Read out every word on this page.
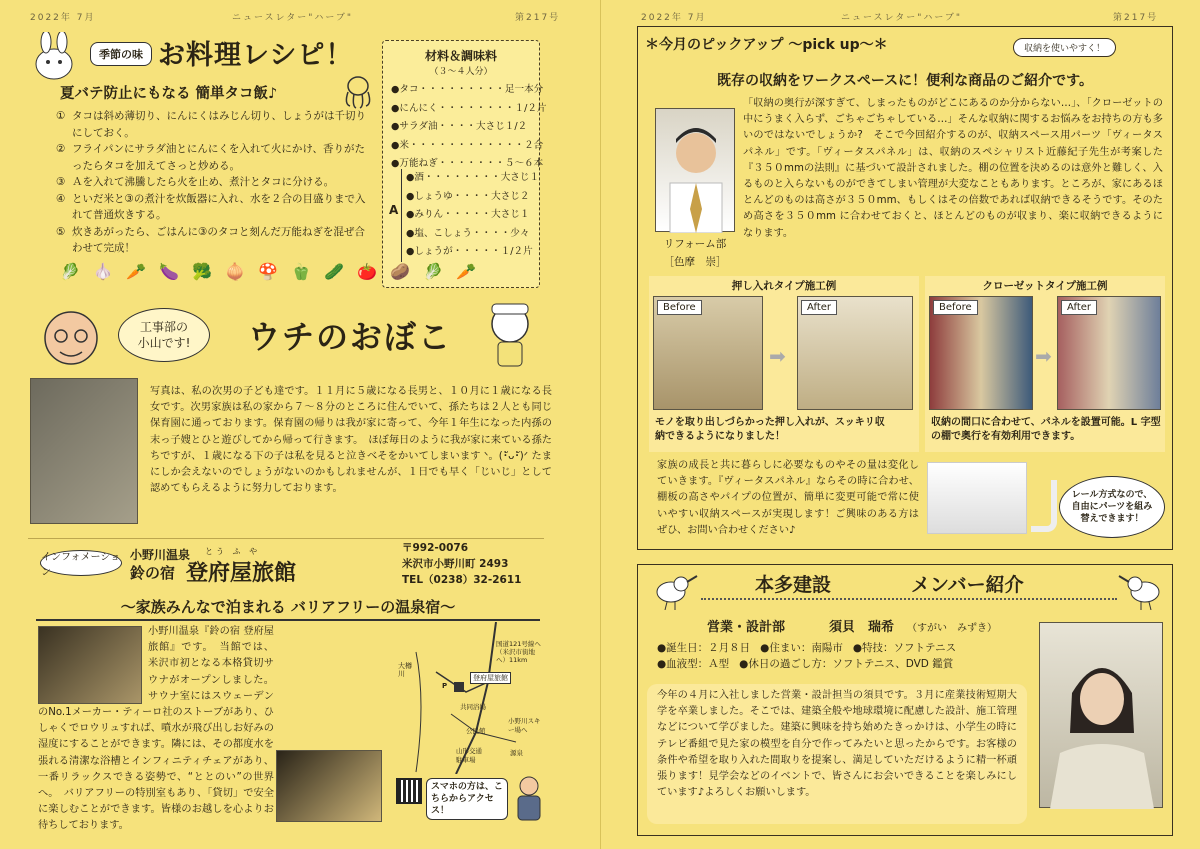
2022年 7月	ニュースレター"ハーブ"	第217号
季節の味 お料理レシピ！
夏バテ防止にもなる 簡単タコ飯♪
① タコは斜め薄切り、にんにくはみじん切り、しょうがは千切りにしておく。
② フライパンにサラダ油とにんにくを入れて火にかけ、香りがたったらタコを加えてさっと炒める。
③ Ａを入れて沸騰したら火を止め、煮汁とタコに分ける。
④ といだ米と③の煮汁を炊飯器に入れ、水を２合の目盛りまで入れて普通炊きする。
⑤ 炊きあがったら、ごはんに③のタコと刻んだ万能ねぎを混ぜ合わせて完成！
材料＆調味料
（３～４人分）
●タコ・・・・・・・・・足一本分
●にんにく・・・・・・・・１/２片
●サラダ油・・・・大さじ１/２
●米・・・・・・・・・・・・２合
●万能ねぎ・・・・・・・５～６本
A
●酒・・・・・・・・大さじ１
●しょうゆ・・・・大さじ２
●みりん・・・・・大さじ１
●塩、こしょう・・・・少々
●しょうが・・・・・１/２片
🥬 🧄 🥕 🍆 🥦 🧅 🍄 🫑 🥒 🍅 🥔 🥬 🥕
工事部の
小山です!	ウチのおぼこ
写真は、私の次男の子ども達です。１１月に５歳になる長男と、１０月に１歳になる長女です。次男家族は私の家から７～８分のところに住んでいて、孫たちは２人とも同じ保育園に通っております。保育園の帰りは我が家に寄って、今年１年生になった内孫の末っ子嫂とひと遊びしてから帰って行きます。　ほぼ毎日のように我が家に来ている孫たちですが、１歳になる下の子は私を見ると泣きべそをかいてしまいます ᐠ。(･ัᴗ･ั)ᐟ たまにしか会えないのでしょうがないのかもしれませんが、１日でも早く「じいじ」として認めてもらえるように努力しております。
インフォメーション
小野川温泉 とう ふ や
鈴の宿 登府屋旅館
〒992-0076
米沢市小野川町 2493
TEL（0238）32-2611
～家族みんなで泊まれる バリアフリーの温泉宿～
小野川温泉『鈴の宿 登府屋旅館』です。　当館では、米沢市初となる本格貸切サウナがオープンしました。サウナ室にはスウェーデンのNo.1メーカー・ティーロ社のストーブがあり、ひしゃくでロウリュすれば、噴水が飛び出しお好みの湿度にすることができます。隣には、その都度水を張れる清潔な浴槽とインフィニティチェアがあり、一番リラックスできる姿勢で、“ととのい”の世界へ。　バリアフリーの特別室もあり、「貸切」で安全に楽しむことができます。皆様のお越しを心よりお待ちしております。
国道121号線へ（米沢市街地へ）11km
大樽川	登府屋旅館
P
共同浴場
公民館
山形交通駐車場
小野川スキー場へ
源泉
スマホの方は、こちらからアクセス！
2022年 7月	ニュースレター"ハーブ"	第217号
＊今月のピックアップ ～pick up～＊	収納を使いやすく！
既存の収納をワークスペースに！便利な商品のご紹介です。
リフォーム部
［色摩　崇］
「収納の奥行が深すぎて、しまったものがどこにあるのか分からない…」、「クローゼットの中にうまく入らず、ごちゃごちゃしている…」そんな収納に関するお悩みをお持ちの方も多いのではないでしょうか?　そこで今回紹介するのが、収納スペース用パーツ「ヴィータスパネル」です。「ヴィータスパネル」は、収納のスペシャリスト近藤紀子先生が考案した『３５０mmの法則』に基づいて設計されました。棚の位置を決めるのは意外と難しく、入るものと入らないものができてしまい管理が大変なこともあります。ところが、家にあるほとんどのものは高さが３５０mm、もしくはその倍数であれば収納できるそうです。そのため高さを３５０mm に合わせておくと、ほとんどのものが収まり、楽に収納できるようになります。
押し入れタイプ施工例
Before
➡
After
モノを取り出しづらかった押し入れが、スッキリ収納できるようになりました！
クローゼットタイプ施工例
Before
➡
After
収納の間口に合わせて、パネルを設置可能。L 字型の棚で奥行を有効利用できます。
家族の成長と共に暮らしに必要なものやその量は変化していきます。『ヴィータスパネル』ならその時に合わせ、棚板の高さやパイプの位置が、簡単に変更可能で常に使いやすい収納スペースが実現します！ご興味のある方はぜひ、お問い合わせください♪
レール方式なので、自由にパーツを組み替えできます！
本多建設	メンバー紹介
営業・設計部	須貝　瑞希 （すがい　みずき）
●誕生日：２月８日 ●住まい：南陽市 ●特技：ソフトテニス
●血液型：Ａ型 ●休日の過ごし方：ソフトテニス、DVD 鑑賞
今年の４月に入社しました営業・設計担当の須貝です。３月に産業技術短期大学を卒業しました。そこでは、建築全般や地球環境に配慮した設計、施工管理などについて学びました。建築に興味を持ち始めたきっかけは、小学生の時にテレビ番組で見た家の模型を自分で作ってみたいと思ったからです。お客様の条件や希望を取り入れた間取りを提案し、満足していただけるように精一杯頑張ります！見学会などのイベントで、皆さんにお会いできることを楽しみにしています♪よろしくお願いします。
